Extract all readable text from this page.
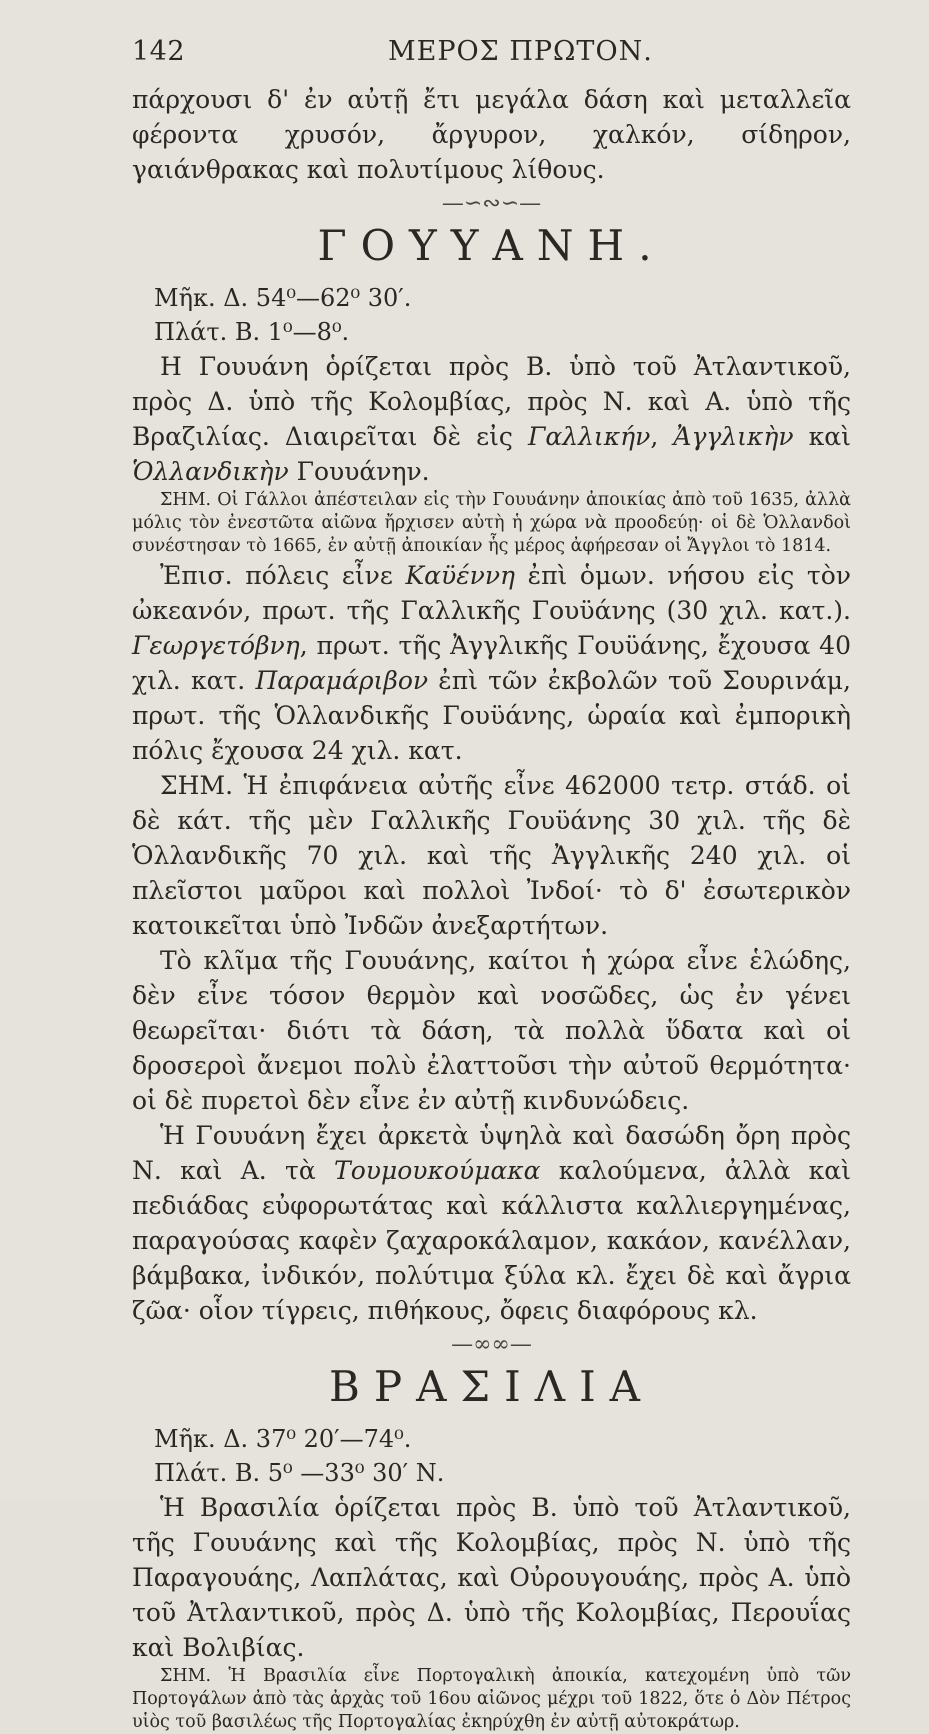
142	ΜΕΡΟΣ ΠΡΩΤΟΝ.

πάρχουσι δ' ἐν αὐτῇ ἔτι μεγάλα δάση καὶ μεταλλεῖα φέροντα χρυσόν, ἄργυρον, χαλκόν, σίδηρον, γαιάνθρακας καὶ πολυτίμους λίθους.

—∽∾∽—
ΓΟΥΥΑΝΗ.
Μῆκ. Δ. 54⁰—62⁰ 30′.
Πλάτ. Β. 1⁰—8⁰.

Η Γουυάνη ὁρίζεται πρὸς Β. ὑπὸ τοῦ Ἀτλαντικοῦ, πρὸς Δ. ὑπὸ τῆς Κολομβίας, πρὸς Ν. καὶ Α. ὑπὸ τῆς Βραζιλίας. Διαιρεῖται δὲ εἰς Γαλλικήν, Ἀγγλικὴν καὶ Ὁλλανδικὴν Γουυάνην.

ΣΗΜ. Οἱ Γάλλοι ἀπέστειλαν εἰς τὴν Γουυάνην ἀποικίας ἀπὸ τοῦ 1635, ἀλλὰ μόλις τὸν ἐνεστῶτα αἰῶνα ἤρχισεν αὐτὴ ἡ χώρα νὰ προοδεύῃ· οἱ δὲ Ὁλλανδοὶ συνέστησαν τὸ 1665, ἐν αὐτῇ ἀποικίαν ἧς μέρος ἀφήρεσαν οἱ Ἄγγλοι τὸ 1814.

Ἐπισ. πόλεις εἶνε Καϋέννη ἐπὶ ὁμων. νήσου εἰς τὸν ὠκεανόν, πρωτ. τῆς Γαλλικῆς Γουϋάνης (30 χιλ. κατ.). Γεωργετόβνη, πρωτ. τῆς Ἀγγλικῆς Γουϋάνης, ἔχουσα 40 χιλ. κατ. Παραμάριβον ἐπὶ τῶν ἐκβολῶν τοῦ Σουρινάμ, πρωτ. τῆς Ὁλλανδικῆς Γουϋάνης, ὡραία καὶ ἐμπορικὴ πόλις ἔχουσα 24 χιλ. κατ.

ΣΗΜ. Ἡ ἐπιφάνεια αὐτῆς εἶνε 462000 τετρ. στάδ. οἱ δὲ κάτ. τῆς μὲν Γαλλικῆς Γουϋάνης 30 χιλ. τῆς δὲ Ὁλλανδικῆς 70 χιλ. καὶ τῆς Ἀγγλικῆς 240 χιλ. οἱ πλεῖστοι μαῦροι καὶ πολλοὶ Ἰνδοί· τὸ δ' ἐσωτερικὸν κατοικεῖται ὑπὸ Ἰνδῶν ἀνεξαρτήτων.

Τὸ κλῖμα τῆς Γουυάνης, καίτοι ἡ χώρα εἶνε ἑλώδης, δὲν εἶνε τόσον θερμὸν καὶ νοσῶδες, ὡς ἐν γένει θεωρεῖται· διότι τὰ δάση, τὰ πολλὰ ὕδατα καὶ οἱ δροσεροὶ ἄνεμοι πολὺ ἐλαττοῦσι τὴν αὐτοῦ θερμότητα· οἱ δὲ πυρετοὶ δὲν εἶνε ἐν αὐτῇ κινδυνώδεις.

Ἡ Γουυάνη ἔχει ἀρκετὰ ὑψηλὰ καὶ δασώδη ὄρη πρὸς Ν. καὶ Α. τὰ Τουμουκούμακα καλούμενα, ἀλλὰ καὶ πεδιάδας εὐφορωτάτας καὶ κάλλιστα καλλιεργημένας, παραγούσας καφὲν ζαχαροκάλαμον, κακάον, κανέλλαν, βάμβακα, ἰνδικόν, πολύτιμα ξύλα κλ. ἔχει δὲ καὶ ἄγρια ζῶα· οἷον τίγρεις, πιθήκους, ὄφεις διαφόρους κλ.

—∞∞—
ΒΡΑΣΙΛΙΑ
Μῆκ. Δ. 37⁰ 20′—74⁰.
Πλάτ. Β. 5⁰ —33⁰ 30′ Ν.

Ἡ Βρασιλία ὁρίζεται πρὸς Β. ὑπὸ τοῦ Ἀτλαντικοῦ, τῆς Γουυάνης καὶ τῆς Κολομβίας, πρὸς Ν. ὑπὸ τῆς Παραγουάης, Λαπλάτας, καὶ Οὐρουγουάης, πρὸς Α. ὑπὸ τοῦ Ἀτλαντικοῦ, πρὸς Δ. ὑπὸ τῆς Κολομβίας, Περουΐας καὶ Βολιβίας.

ΣΗΜ. Ἡ Βρασιλία εἶνε Πορτογαλικὴ ἀποικία, κατεχομένη ὑπὸ τῶν Πορτογάλων ἀπὸ τὰς ἀρχὰς τοῦ 16ου αἰῶνος μέχρι τοῦ 1822, ὅτε ὁ Δὸν Πέτρος υἱὸς τοῦ βασιλέως τῆς Πορτογαλίας ἐκηρύχθη ἐν αὐτῇ αὐτοκράτωρ.
